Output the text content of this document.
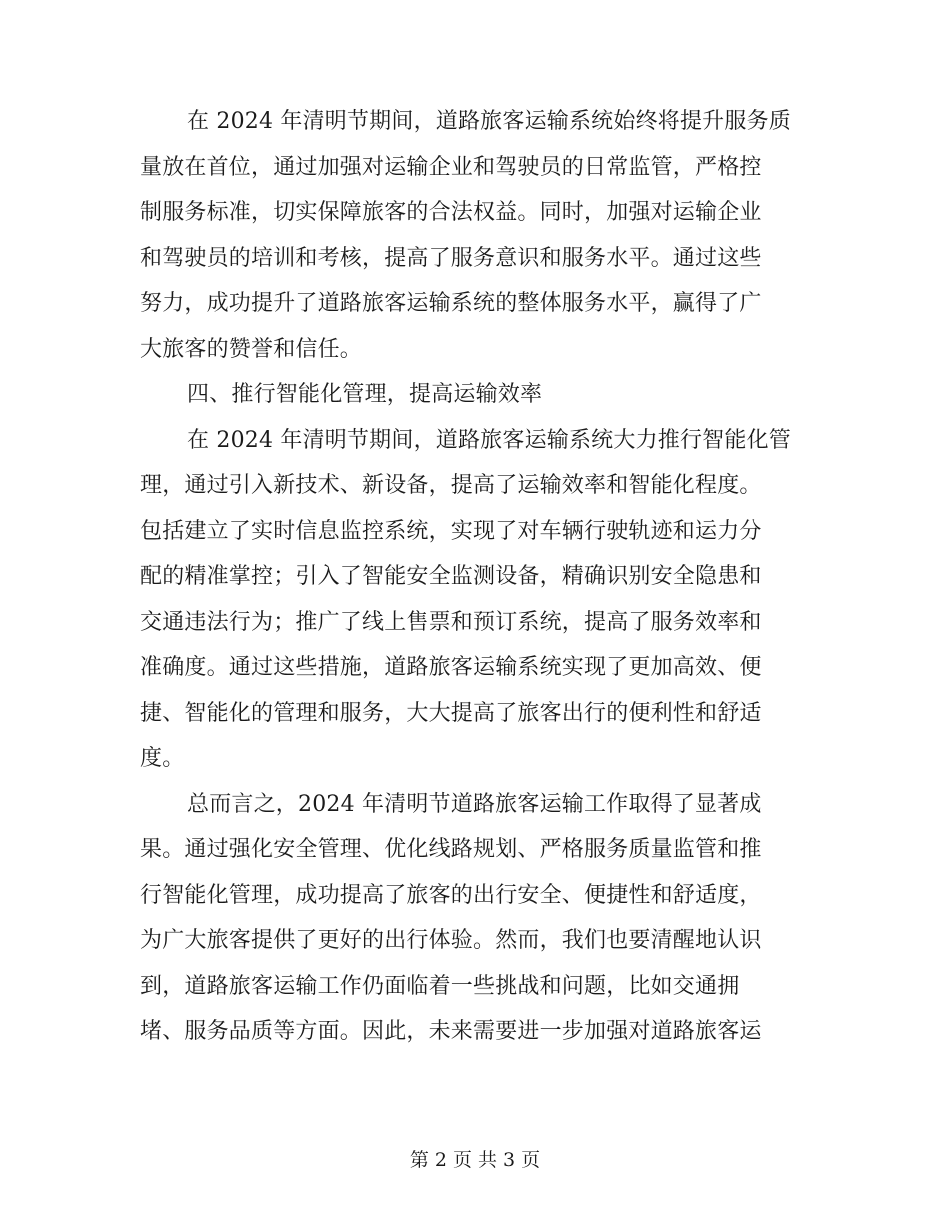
在 2024 年清明节期间，道路旅客运输系统始终将提升服务质
量放在首位，通过加强对运输企业和驾驶员的日常监管，严格控
制服务标准，切实保障旅客的合法权益。同时，加强对运输企业
和驾驶员的培训和考核，提高了服务意识和服务水平。通过这些
努力，成功提升了道路旅客运输系统的整体服务水平，赢得了广
大旅客的赞誉和信任。
四、推行智能化管理，提高运输效率
在 2024 年清明节期间，道路旅客运输系统大力推行智能化管
理，通过引入新技术、新设备，提高了运输效率和智能化程度。
包括建立了实时信息监控系统，实现了对车辆行驶轨迹和运力分
配的精准掌控；引入了智能安全监测设备，精确识别安全隐患和
交通违法行为；推广了线上售票和预订系统，提高了服务效率和
准确度。通过这些措施，道路旅客运输系统实现了更加高效、便
捷、智能化的管理和服务，大大提高了旅客出行的便利性和舒适
度。
总而言之，2024 年清明节道路旅客运输工作取得了显著成
果。通过强化安全管理、优化线路规划、严格服务质量监管和推
行智能化管理，成功提高了旅客的出行安全、便捷性和舒适度，
为广大旅客提供了更好的出行体验。然而，我们也要清醒地认识
到，道路旅客运输工作仍面临着一些挑战和问题，比如交通拥
堵、服务品质等方面。因此，未来需要进一步加强对道路旅客运
第 2 页 共 3 页
